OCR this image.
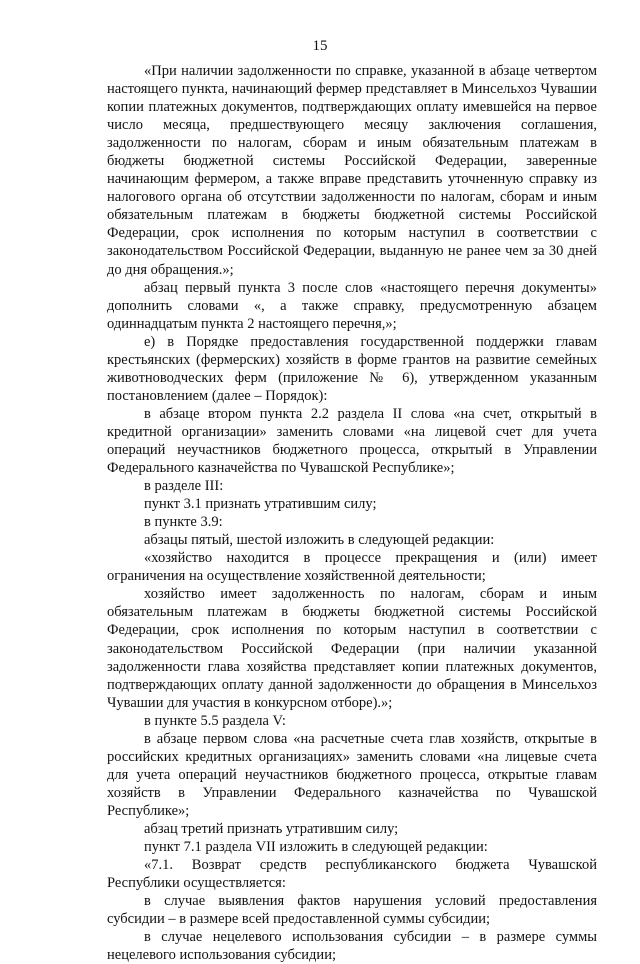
15

«При наличии задолженности по справке, указанной в абзаце четвертом настоящего пункта, начинающий фермер представляет в Минсельхоз Чувашии копии платежных документов, подтверждающих оплату имевшейся на первое число месяца, предшествующего месяцу заключения соглашения, задолженности по налогам, сборам и иным обязательным платежам в бюджеты бюджетной системы Российской Федерации, заверенные начинающим фермером, а также вправе представить уточненную справку из налогового органа об отсутствии задолженности по налогам, сборам и иным обязательным платежам в бюджеты бюджетной системы Российской Федерации, срок исполнения по которым наступил в соответствии с законодательством Российской Федерации, выданную не ранее чем за 30 дней до дня обращения.»;

абзац первый пункта 3 после слов «настоящего перечня документы» дополнить словами «, а также справку, предусмотренную абзацем одиннадцатым пункта 2 настоящего перечня,»;

е) в Порядке предоставления государственной поддержки главам крестьянских (фермерских) хозяйств в форме грантов на развитие семейных животноводческих ферм (приложение № 6), утвержденном указанным постановлением (далее – Порядок):

в абзаце втором пункта 2.2 раздела II слова «на счет, открытый в кредитной организации» заменить словами «на лицевой счет для учета операций неучастников бюджетного процесса, открытый в Управлении Федерального казначейства по Чувашской Республике»;

в разделе III:

пункт 3.1 признать утратившим силу;

в пункте 3.9:

абзацы пятый, шестой изложить в следующей редакции:

«хозяйство находится в процессе прекращения и (или) имеет ограничения на осуществление хозяйственной деятельности;

хозяйство имеет задолженность по налогам, сборам и иным обязательным платежам в бюджеты бюджетной системы Российской Федерации, срок исполнения по которым наступил в соответствии с законодательством Российской Федерации (при наличии указанной задолженности глава хозяйства представляет копии платежных документов, подтверждающих оплату данной задолженности до обращения в Минсельхоз Чувашии для участия в конкурсном отборе).»;

в пункте 5.5 раздела V:

в абзаце первом слова «на расчетные счета глав хозяйств, открытые в российских кредитных организациях» заменить словами «на лицевые счета для учета операций неучастников бюджетного процесса, открытые главам хозяйств в Управлении Федерального казначейства по Чувашской Республике»;

абзац третий признать утратившим силу;

пункт 7.1 раздела VII изложить в следующей редакции:

«7.1. Возврат средств республиканского бюджета Чувашской Республики осуществляется:

в случае выявления фактов нарушения условий предоставления субсидии – в размере всей предоставленной суммы субсидии;

в случае нецелевого использования субсидии – в размере суммы нецелевого использования субсидии;
